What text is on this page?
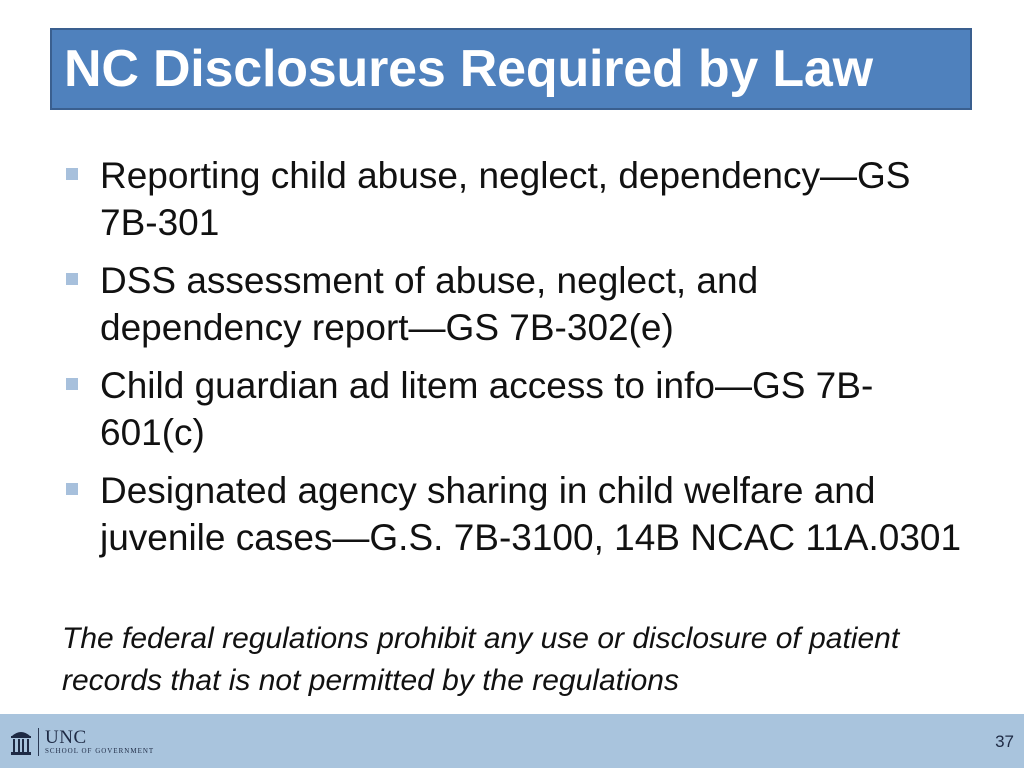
NC Disclosures Required by Law
Reporting child abuse, neglect, dependency—GS 7B-301
DSS assessment of abuse, neglect, and dependency report—GS 7B-302(e)
Child guardian ad litem access to info—GS 7B-601(c)
Designated agency sharing in child welfare and juvenile cases—G.S. 7B-3100, 14B NCAC 11A.0301

The federal regulations prohibit any use or disclosure of patient records that is not permitted by the regulations

UNC
SCHOOL OF GOVERNMENT	37
